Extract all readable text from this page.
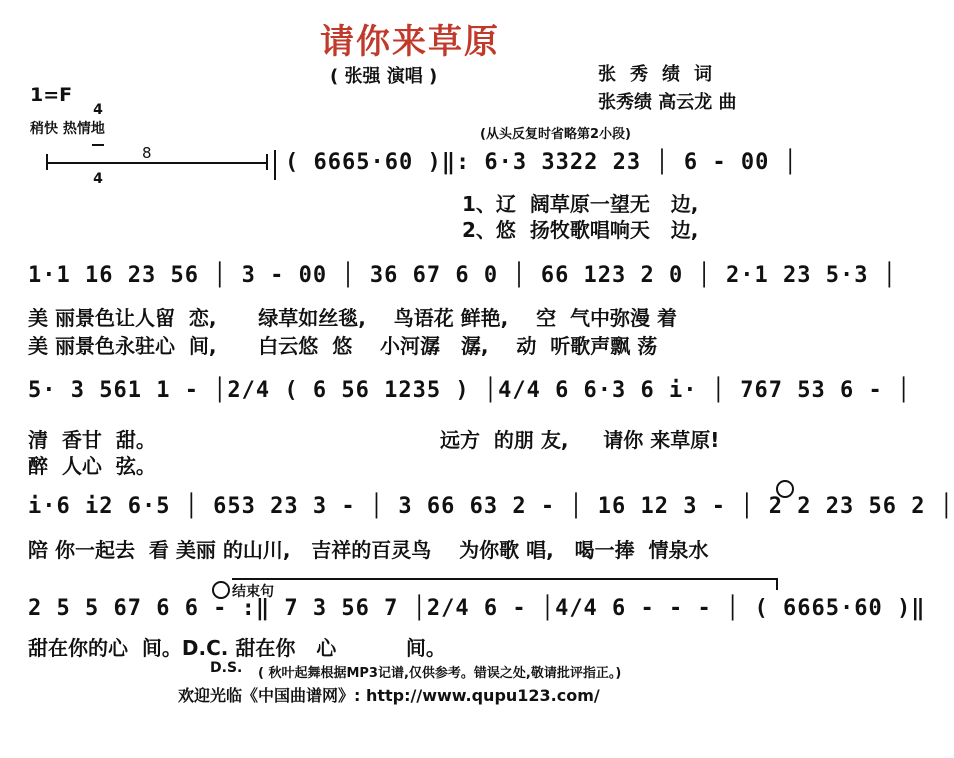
请你来草原
( 张强 演唱 )	张秀绩词
张秀绩 高云龙 曲
1=F

4

4

稍快 热情地	(从头反复时省略第2小段)
8	( 6665·60 )‖: 6·3 3322 23 │ 6 - 00 │
1、辽  阔草原一望无   边,
2、悠  扬牧歌唱响天   边,
1·1 16 23 56 │ 3 - 00 │ 36 67 6 0 │ 66 123 2 0 │ 2·1 23 5·3 │
美 丽景色让人留  恋,      绿草如丝毯,    鸟语花 鲜艳,    空  气中弥漫 着
美 丽景色永驻心  间,      白云悠  悠    小河潺   潺,    动  听歌声飘 荡
5· 3 561 1 - │2/4 ( 6 56 1235 ) │4/4 6 6·3 6 i· │ 767 53 6 - │
清  香甘  甜。
醉  人心  弦。
远方  的朋 友,     请你 来草原!
i·6 i2 6·5 │ 653 23 3 - │ 3 66 63 2 - │ 16 12 3 - │ 2 2 23 56 2 │
陪 你一起去  看 美丽 的山川,   吉祥的百灵鸟    为你歌 唱,   喝一捧  情泉水
结束句
2 5 5 67 6 6 - :‖ 7 3 56 7 │2/4 6 - │4/4 6 - - - │ ( 6665·60 )‖
甜在你的心  间。D.C. 甜在你   心          间。
D.S. ( 秋叶起舞根据MP3记谱,仅供参考。错误之处,敬请批评指正。)
欢迎光临《中国曲谱网》: http://www.qupu123.com/
